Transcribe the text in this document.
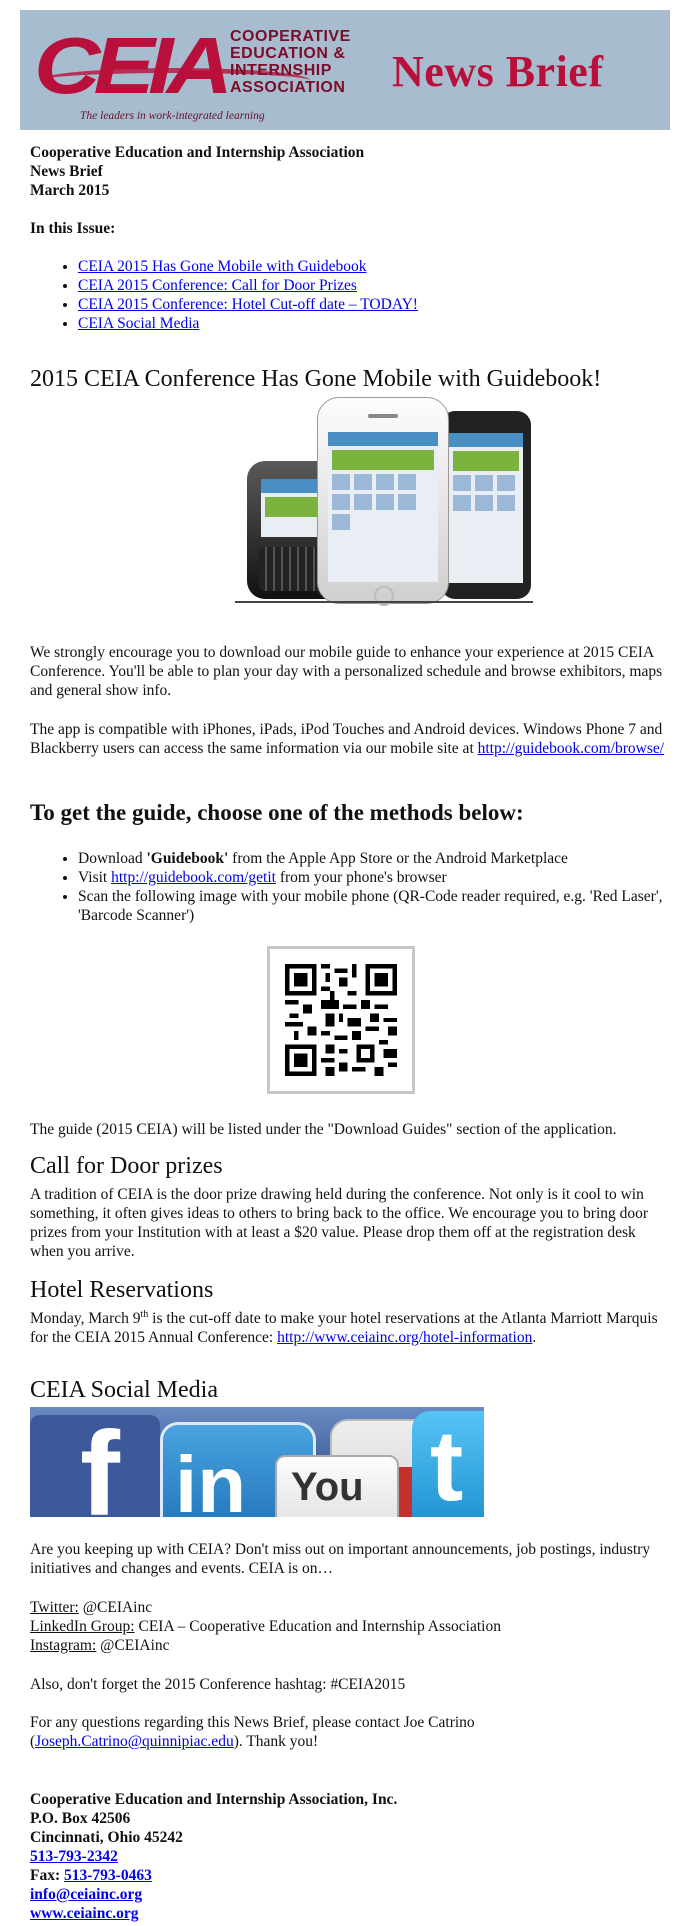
CEIA COOPERATIVE
EDUCATION &
INTERNSHIP
ASSOCIATION
The leaders in work-integrated learning
News Brief
Cooperative Education and Internship Association
News Brief
March 2015
In this Issue:
• CEIA 2015 Has Gone Mobile with Guidebook
• CEIA 2015 Conference: Call for Door Prizes
• CEIA 2015 Conference: Hotel Cut-off date – TODAY!
• CEIA Social Media
2015 CEIA Conference Has Gone Mobile with Guidebook!
We strongly encourage you to download our mobile guide to enhance your experience at 2015 CEIA Conference. You'll be able to plan your day with a personalized schedule and browse exhibitors, maps and general show info.
The app is compatible with iPhones, iPads, iPod Touches and Android devices. Windows Phone 7 and Blackberry users can access the same information via our mobile site at http://guidebook.com/browse/
To get the guide, choose one of the methods below:
• Download 'Guidebook' from the Apple App Store or the Android Marketplace
• Visit http://guidebook.com/getit from your phone's browser
• Scan the following image with your mobile phone (QR-Code reader required, e.g. 'Red Laser', 'Barcode Scanner')
The guide (2015 CEIA) will be listed under the "Download Guides" section of the application.
Call for Door prizes
A tradition of CEIA is the door prize drawing held during the conference. Not only is it cool to win something, it often gives ideas to others to bring back to the office. We encourage you to bring door prizes from your Institution with at least a $20 value. Please drop them off at the registration desk when you arrive.
Hotel Reservations
Monday, March 9th is the cut-off date to make your hotel reservations at the Atlanta Marriott Marquis for the CEIA 2015 Annual Conference: http://www.ceiainc.org/hotel-information.
CEIA Social Media
f in	You t
Are you keeping up with CEIA? Don't miss out on important announcements, job postings, industry initiatives and changes and events. CEIA is on…
Twitter: @CEIAinc
LinkedIn Group: CEIA – Cooperative Education and Internship Association
Instagram: @CEIAinc
Also, don't forget the 2015 Conference hashtag: #CEIA2015
For any questions regarding this News Brief, please contact Joe Catrino (Joseph.Catrino@quinnipiac.edu). Thank you!
Cooperative Education and Internship Association, Inc.
P.O. Box 42506
Cincinnati, Ohio 45242
513-793-2342
Fax: 513-793-0463
info@ceiainc.org
www.ceiainc.org
